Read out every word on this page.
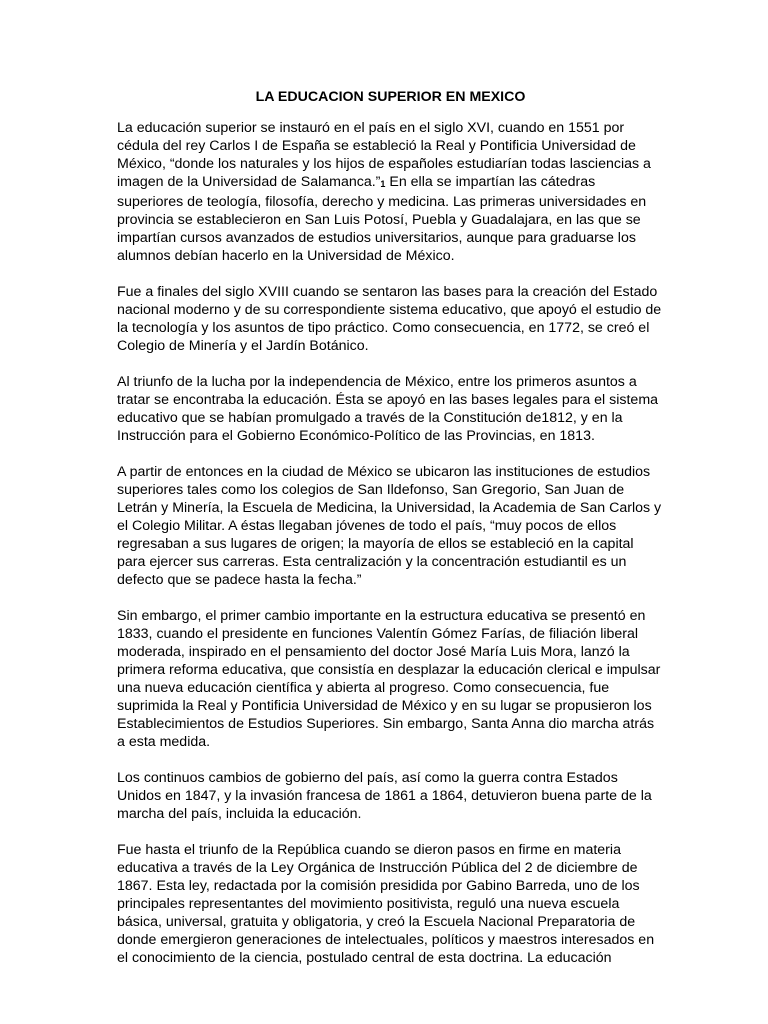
LA EDUCACION SUPERIOR EN MEXICO
La educación superior se instauró en el país en el siglo XVI, cuando en 1551 por
cédula del rey Carlos I de España se estableció la Real y Pontificia Universidad de
México, “donde los naturales y los hijos de españoles estudiarían todas lasciencias a
imagen de la Universidad de Salamanca.”1 En ella se impartían las cátedras
superiores de teología, filosofía, derecho y medicina. Las primeras universidades en
provincia se establecieron en San Luis Potosí, Puebla y Guadalajara, en las que se
impartían cursos avanzados de estudios universitarios, aunque para graduarse los
alumnos debían hacerlo en la Universidad de México.
Fue a finales del siglo XVIII cuando se sentaron las bases para la creación del Estado
nacional moderno y de su correspondiente sistema educativo, que apoyó el estudio de
la tecnología y los asuntos de tipo práctico. Como consecuencia, en 1772, se creó el
Colegio de Minería y el Jardín Botánico.
Al triunfo de la lucha por la independencia de México, entre los primeros asuntos a
tratar se encontraba la educación. Ésta se apoyó en las bases legales para el sistema
educativo que se habían promulgado a través de la Constitución de1812, y en la
Instrucción para el Gobierno Económico-Político de las Provincias, en 1813.
A partir de entonces en la ciudad de México se ubicaron las instituciones de estudios
superiores tales como los colegios de San Ildefonso, San Gregorio, San Juan de
Letrán y Minería, la Escuela de Medicina, la Universidad, la Academia de San Carlos y
el Colegio Militar. A éstas llegaban jóvenes de todo el país, “muy pocos de ellos
regresaban a sus lugares de origen; la mayoría de ellos se estableció en la capital
para ejercer sus carreras. Esta centralización y la concentración estudiantil es un
defecto que se padece hasta la fecha.”
Sin embargo, el primer cambio importante en la estructura educativa se presentó en
1833, cuando el presidente en funciones Valentín Gómez Farías, de filiación liberal
moderada, inspirado en el pensamiento del doctor José María Luis Mora, lanzó la
primera reforma educativa, que consistía en desplazar la educación clerical e impulsar
una nueva educación científica y abierta al progreso. Como consecuencia, fue
suprimida la Real y Pontificia Universidad de México y en su lugar se propusieron los
Establecimientos de Estudios Superiores. Sin embargo, Santa Anna dio marcha atrás
a esta medida.
Los continuos cambios de gobierno del país, así como la guerra contra Estados
Unidos en 1847, y la invasión francesa de 1861 a 1864, detuvieron buena parte de la
marcha del país, incluida la educación.
Fue hasta el triunfo de la República cuando se dieron pasos en firme en materia
educativa a través de la Ley Orgánica de Instrucción Pública del 2 de diciembre de
1867. Esta ley, redactada por la comisión presidida por Gabino Barreda, uno de los
principales representantes del movimiento positivista, reguló una nueva escuela
básica, universal, gratuita y obligatoria, y creó la Escuela Nacional Preparatoria de
donde emergieron generaciones de intelectuales, políticos y maestros interesados en
el conocimiento de la ciencia, postulado central de esta doctrina. La educación
